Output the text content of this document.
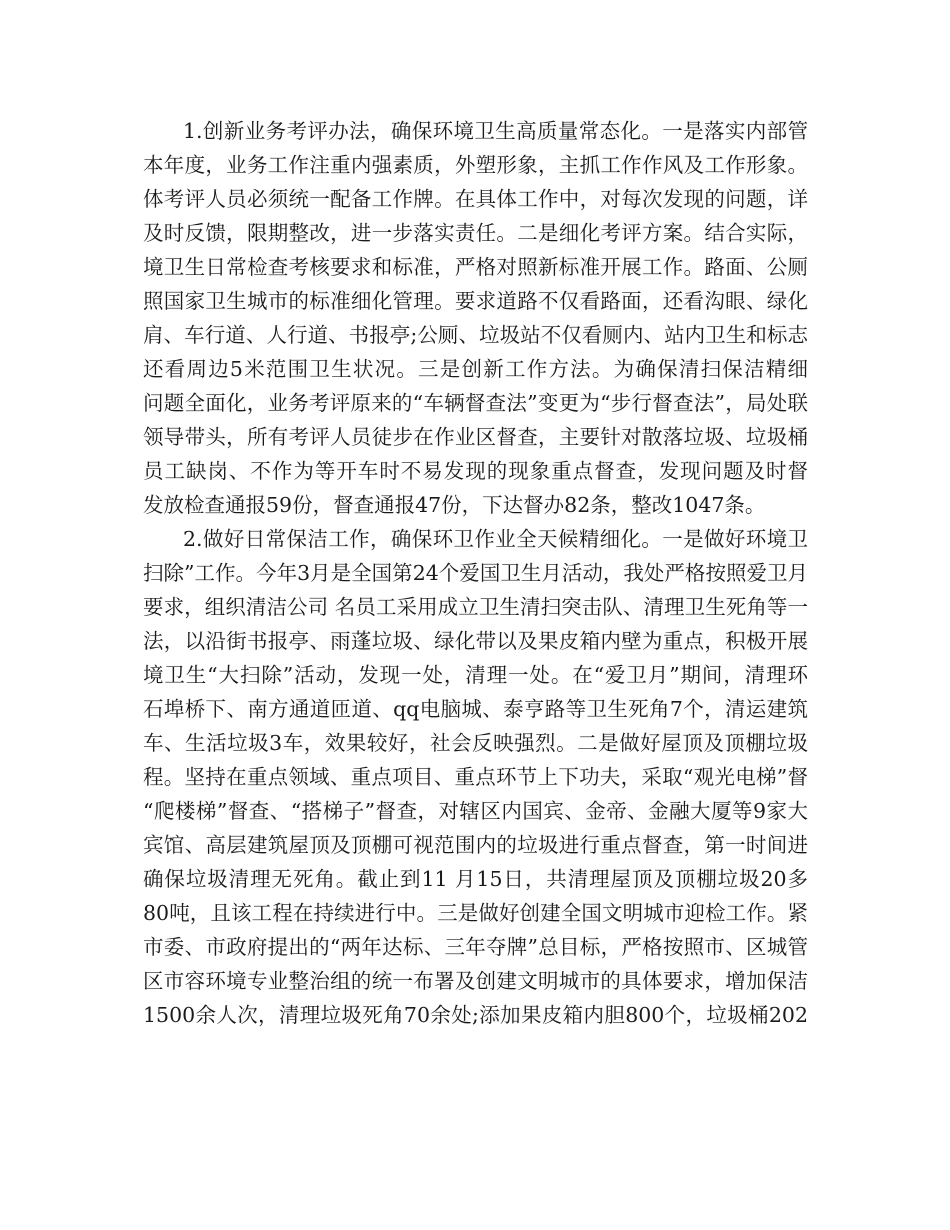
1.创新业务考评办法，确保环境卫生高质量常态化。一是落实内部管
本年度，业务工作注重内强素质，外塑形象，主抓工作作风及工作形象。
体考评人员必须统一配备工作牌。在具体工作中，对每次发现的问题，详
及时反馈，限期整改，进一步落实责任。二是细化考评方案。结合实际，
境卫生日常检查考核要求和标准，严格对照新标准开展工作。路面、公厕
照国家卫生城市的标准细化管理。要求道路不仅看路面，还看沟眼、绿化
肩、车行道、人行道、书报亭;公厕、垃圾站不仅看厕内、站内卫生和标志
还看周边5米范围卫生状况。三是创新工作方法。为确保清扫保洁精细
问题全面化，业务考评原来的“车辆督查法”变更为“步行督查法”，局处联
领导带头，所有考评人员徒步在作业区督查，主要针对散落垃圾、垃圾桶
员工缺岗、不作为等开车时不易发现的现象重点督查，发现问题及时督
发放检查通报59份，督查通报47份，下达督办82条，整改1047条。
2.做好日常保洁工作，确保环卫作业全天候精细化。一是做好环境卫
扫除”工作。今年3月是全国第24个爱国卫生月活动，我处严格按照爱卫月
要求，组织清洁公司 名员工采用成立卫生清扫突击队、清理卫生死角等一
法，以沿街书报亭、雨蓬垃圾、绿化带以及果皮箱内壁为重点，积极开展
境卫生“大扫除”活动，发现一处，清理一处。在“爱卫月”期间，清理环
石埠桥下、南方通道匝道、qq电脑城、泰亨路等卫生死角7个，清运建筑
车、生活垃圾3车，效果较好，社会反映强烈。二是做好屋顶及顶棚垃圾
程。坚持在重点领域、重点项目、重点环节上下功夫，采取“观光电梯”督
“爬楼梯”督查、“搭梯子”督查，对辖区内国宾、金帝、金融大厦等9家大
宾馆、高层建筑屋顶及顶棚可视范围内的垃圾进行重点督查，第一时间进
确保垃圾清理无死角。截止到11 月15日，共清理屋顶及顶棚垃圾20多
80吨，且该工程在持续进行中。三是做好创建全国文明城市迎检工作。紧
市委、市政府提出的“两年达标、三年夺牌”总目标，严格按照市、区城管
区市容环境专业整治组的统一布署及创建文明城市的具体要求，增加保洁
1500余人次，清理垃圾死角70余处;添加果皮箱内胆800个，垃圾桶202
